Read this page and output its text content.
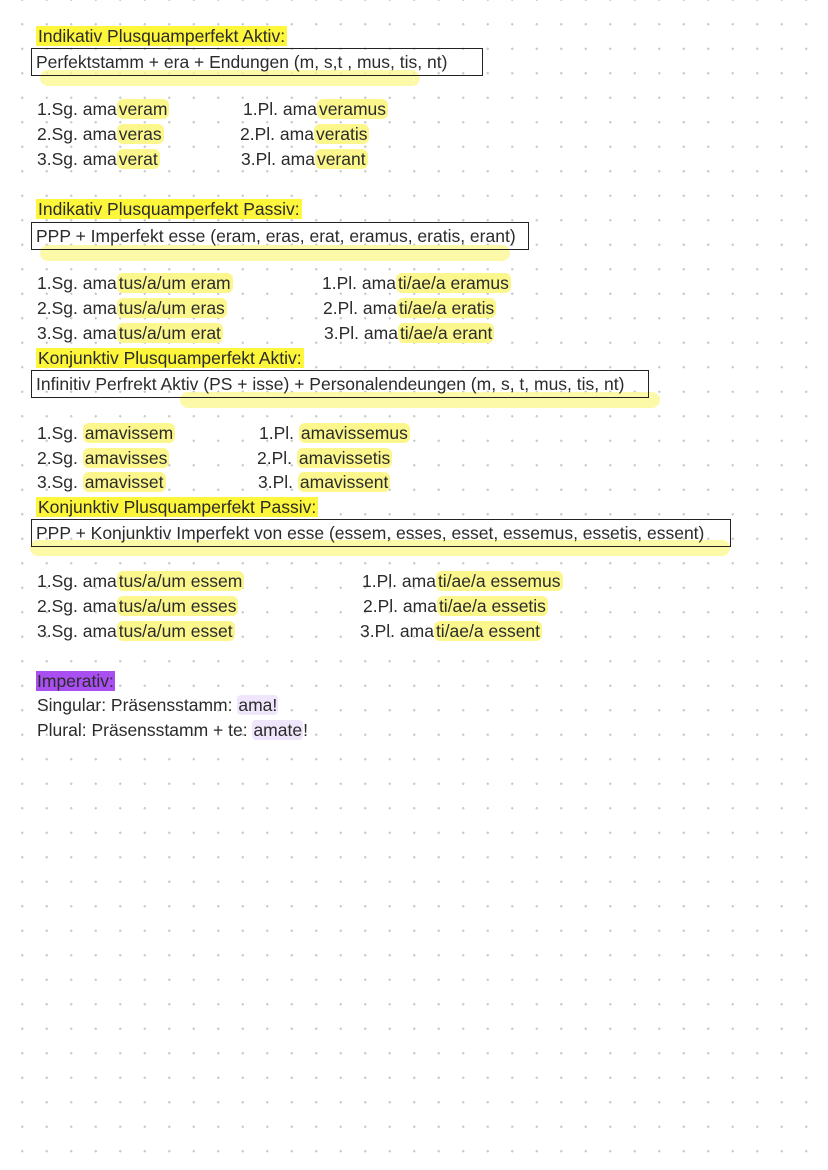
Indikativ Plusquamperfekt Aktiv:
Perfektstamm + era + Endungen (m, s,t , mus, tis, nt)
1.Sg. ama veram
2.Sg. ama veras
3.Sg. ama verat
1.Pl. ama veramus
2.Pl. ama veratis
3.Pl. ama verant
Indikativ Plusquamperfekt Passiv:
PPP + Imperfekt esse (eram, eras, erat, eramus, eratis, erant)
1.Sg. ama tus/a/um eram
2.Sg. ama tus/a/um eras
3.Sg. ama tus/a/um erat
1.Pl. ama ti/ae/a eramus
2.Pl. ama ti/ae/a eratis
3.Pl. ama ti/ae/a erant
Konjunktiv Plusquamperfekt Aktiv:
Infinitiv Perfrekt Aktiv (PS + isse) + Personalendeungen (m, s, t, mus, tis, nt)
1.Sg. amavissem
2.Sg. amavisses
3.Sg. amavisset
1.Pl. amavissemus
2.Pl. amavissetis
3.Pl. amavissent
Konjunktiv Plusquamperfekt Passiv:
PPP + Konjunktiv Imperfekt von esse (essem, esses, esset, essemus, essetis, essent)
1.Sg. ama tus/a/um essem
2.Sg. ama tus/a/um esses
3.Sg. ama tus/a/um esset
1.Pl. ama ti/ae/a essemus
2.Pl. ama ti/ae/a essetis
3.Pl. ama ti/ae/a essent
Imperativ:
Singular: Präsensstamm: ama!
Plural: Präsensstamm + te: amate!
